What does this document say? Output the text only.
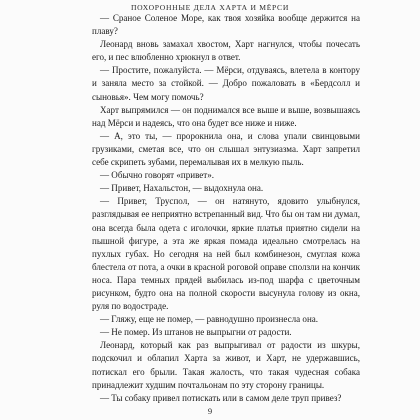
ПОХОРОННЫЕ ДЕЛА ХАРТА И МЁРСИ
— Сраное Соленое Море, как твоя хозяйка вообще держится на плаву?
Леонард вновь замахал хвостом, Харт нагнулся, чтобы почесать его, и пес влюбленно хрюкнул в ответ.
— Простите, пожалуйста. — Мёрси, отдуваясь, влетела в контору и заняла место за стойкой. — Добро пожаловать в «Бердсолл и сыновья». Чем могу помочь?
Харт выпрямился — он поднимался все выше и выше, возвышаясь над Мёрси и надеясь, что она будет все ниже и ниже.
— А, это ты, — пророкнила она, и слова упали свинцовыми грузиками, сметая все, что он слышал энтузиазма. Харт запретил себе скрипеть зубами, перемалывая их в мелкую пыль.
— Обычно говорят «привет».
— Привет, Нахальстон, — выдохнула она.
— Привет, Труспол, — он натянуто, ядовито улыбнулся, разглядывая ее неприятно встрепанный вид. Что бы он там ни думал, она всегда была одета с иголочки, яркие платья приятно сидели на пышной фигуре, а эта же яркая помада идеально смотрелась на пухлых губах. Но сегодня на ней был комбинезон, смуглая кожа блестела от пота, а очки в красной роговой оправе сползли на кончик носа. Пара темных прядей выбилась из-под шарфа с цветочным рисунком, будто она на полной скорости высунула голову из окна, руля по водостраде.
— Гляжу, еще не помер, — равнодушно произнесла она.
— Не помер. Из штанов не выпрыгни от радости.
Леонард, который как раз выпрыгивал от радости из шкуры, подскочил и облапил Харта за живот, и Харт, не удержавшись, потискал его брыли. Такая жалость, что такая чудесная собака принадлежит худшим почтальонам по эту сторону границы.
— Ты собаку привел потискать или в самом деле труп привез?
9
